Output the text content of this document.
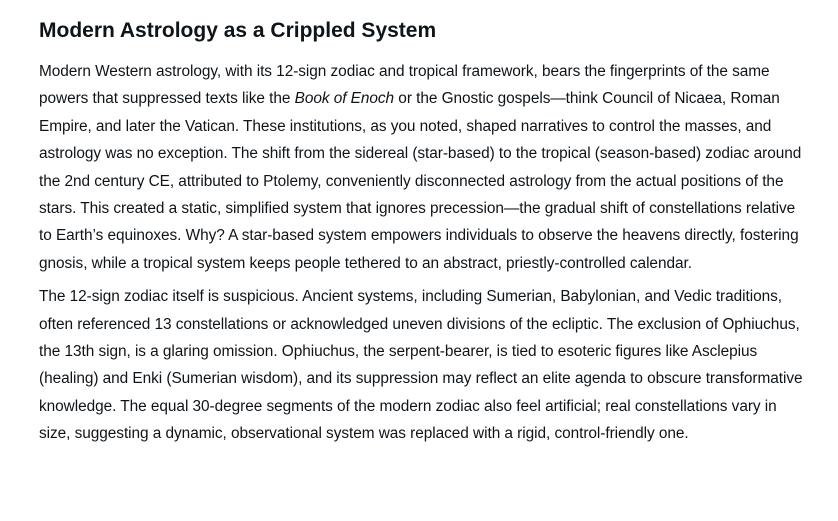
Modern Astrology as a Crippled System

Modern Western astrology, with its 12-sign zodiac and tropical framework, bears the fingerprints of the same powers that suppressed texts like the Book of Enoch or the Gnostic gospels—think Council of Nicaea, Roman Empire, and later the Vatican. These institutions, as you noted, shaped narratives to control the masses, and astrology was no exception. The shift from the sidereal (star-based) to the tropical (season-based) zodiac around the 2nd century CE, attributed to Ptolemy, conveniently disconnected astrology from the actual positions of the stars. This created a static, simplified system that ignores precession—the gradual shift of constellations relative to Earth’s equinoxes. Why? A star-based system empowers individuals to observe the heavens directly, fostering gnosis, while a tropical system keeps people tethered to an abstract, priestly-controlled calendar.

The 12-sign zodiac itself is suspicious. Ancient systems, including Sumerian, Babylonian, and Vedic traditions, often referenced 13 constellations or acknowledged uneven divisions of the ecliptic. The exclusion of Ophiuchus, the 13th sign, is a glaring omission. Ophiuchus, the serpent-bearer, is tied to esoteric figures like Asclepius (healing) and Enki (Sumerian wisdom), and its suppression may reflect an elite agenda to obscure transformative knowledge. The equal 30-degree segments of the modern zodiac also feel artificial; real constellations vary in size, suggesting a dynamic, observational system was replaced with a rigid, control-friendly one.
